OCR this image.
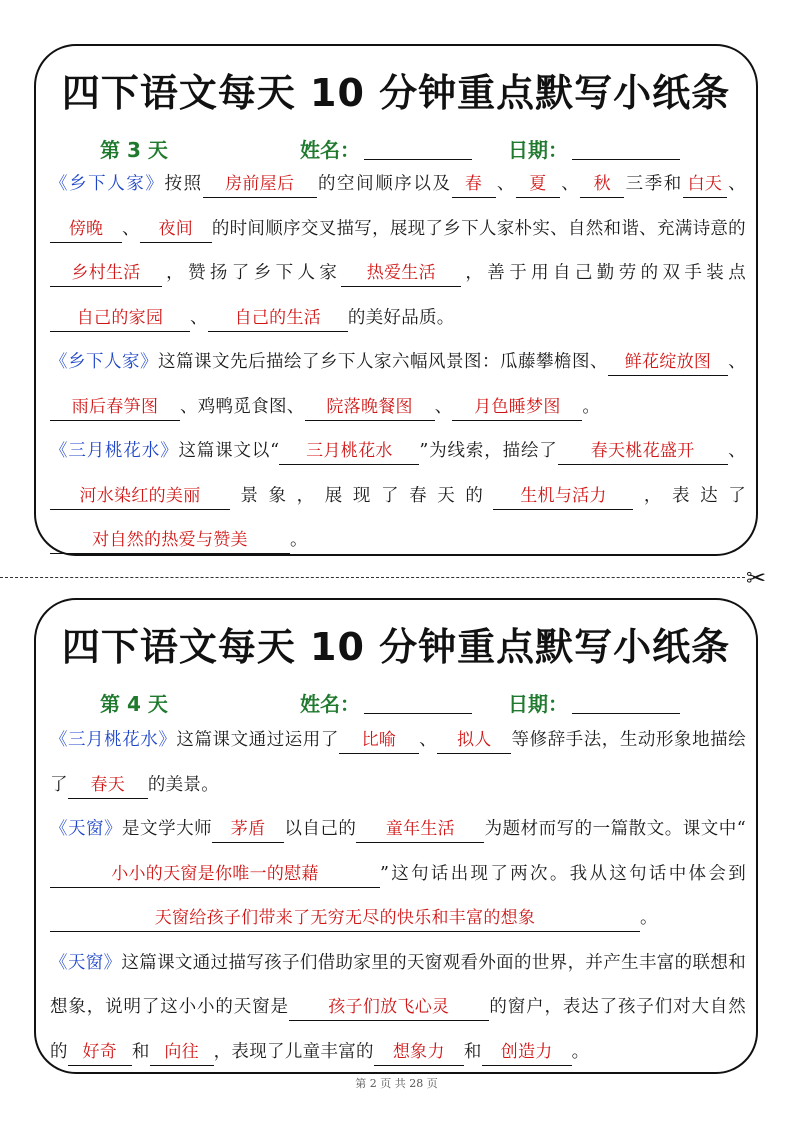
四下语文每天 10 分钟重点默写小纸条
第 3 天	姓名：	日期：
《乡下人家》按照 房前屋后 的空间顺序以及 春 、 夏 、 秋 三季和 白天 、傍晚 、 夜间 的时间顺序交叉描写，展现了乡下人家朴实、自然和谐、充满诗意的乡村生活 ，赞扬了乡下人家 热爱生活 ，善于用自己勤劳的双手装点自己的家园 、 自己的生活 的美好品质。
《乡下人家》这篇课文先后描绘了乡下人家六幅风景图：瓜藤攀檐图、 鲜花绽放图 、雨后春笋图 、鸡鸭觅食图、 院落晚餐图 、 月色睡梦图 。
《三月桃花水》这篇课文以“ 三月桃花水 ”为线索，描绘了 春天桃花盛开 、河水染红的美丽 景象，展现了春天的 生机与活力 ，表达了对自然的热爱与赞美 。
✂
四下语文每天 10 分钟重点默写小纸条
第 4 天	姓名：	日期：
《三月桃花水》这篇课文通过运用了 比喻 、 拟人 等修辞手法，生动形象地描绘了 春天 的美景。
《天窗》是文学大师 茅盾 以自己的 童年生活 为题材而写的一篇散文。课文中“小小的天窗是你唯一的慰藉	”这句话出现了两次。我从这句话中体会到天窗给孩子们带来了无穷无尽的快乐和丰富的想象	。
《天窗》这篇课文通过描写孩子们借助家里的天窗观看外面的世界，并产生丰富的联想和想象，说明了这小小的天窗是 孩子们放飞心灵 的窗户，表达了孩子们对大自然的 好奇 和 向往 ，表现了儿童丰富的 想象力 和 创造力 。
第 2 页 共 28 页
